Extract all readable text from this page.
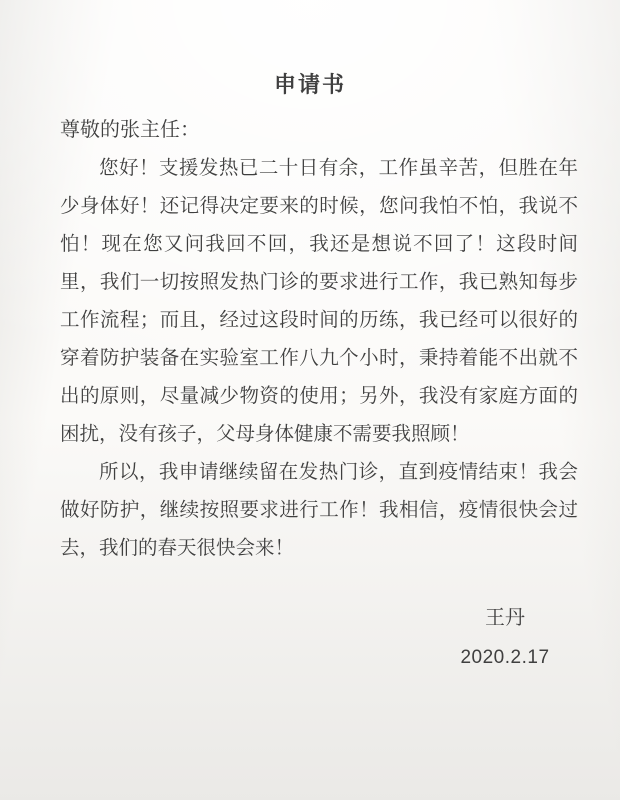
申请书

尊敬的张主任：

您好！支援发热已二十日有余，工作虽辛苦，但胜在年少身体好！还记得决定要来的时候，您问我怕不怕，我说不怕！现在您又问我回不回，我还是想说不回了！这段时间里，我们一切按照发热门诊的要求进行工作，我已熟知每步工作流程；而且，经过这段时间的历练，我已经可以很好的穿着防护装备在实验室工作八九个小时，秉持着能不出就不出的原则，尽量减少物资的使用；另外，我没有家庭方面的困扰，没有孩子，父母身体健康不需要我照顾！

所以，我申请继续留在发热门诊，直到疫情结束！我会做好防护，继续按照要求进行工作！我相信，疫情很快会过去，我们的春天很快会来！

王丹
2020.2.17
